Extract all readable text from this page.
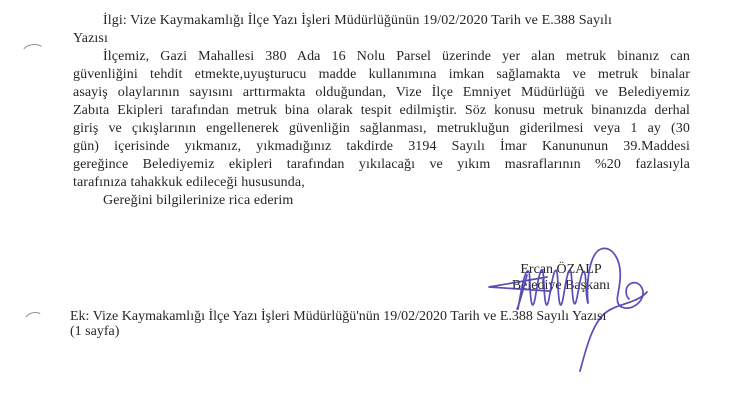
İlgi: Vize Kaymakamlığı İlçe Yazı İşleri Müdürlüğünün 19/02/2020 Tarih ve E.388 Sayılı
Yazısı
İlçemiz, Gazi Mahallesi 380 Ada 16 Nolu Parsel üzerinde yer alan metruk binanız can
güvenliğini tehdit etmekte,uyuşturucu madde kullanımına imkan sağlamakta ve metruk binalar
asayiş olaylarının sayısını arttırmakta olduğundan, Vize İlçe Emniyet Müdürlüğü ve Belediyemiz
Zabıta Ekipleri tarafından metruk bina olarak tespit edilmiştir. Söz konusu metruk binanızda derhal
giriş ve çıkışlarının engellenerek güvenliğin sağlanması, metrukluğun giderilmesi veya 1 ay (30
gün) içerisinde yıkmanız, yıkmadığınız takdirde 3194 Sayılı İmar Kanununun 39.Maddesi
gereğince Belediyemiz ekipleri tarafından yıkılacağı ve yıkım masraflarının %20 fazlasıyla
tarafınıza tahakkuk edileceği hususunda,
Gereğini bilgilerinize rica ederim
Ercan ÖZALP
Belediye Başkanı
Ek: Vize Kaymakamlığı İlçe Yazı İşleri Müdürlüğü'nün 19/02/2020 Tarih ve E.388 Sayılı Yazısı
(1 sayfa)
